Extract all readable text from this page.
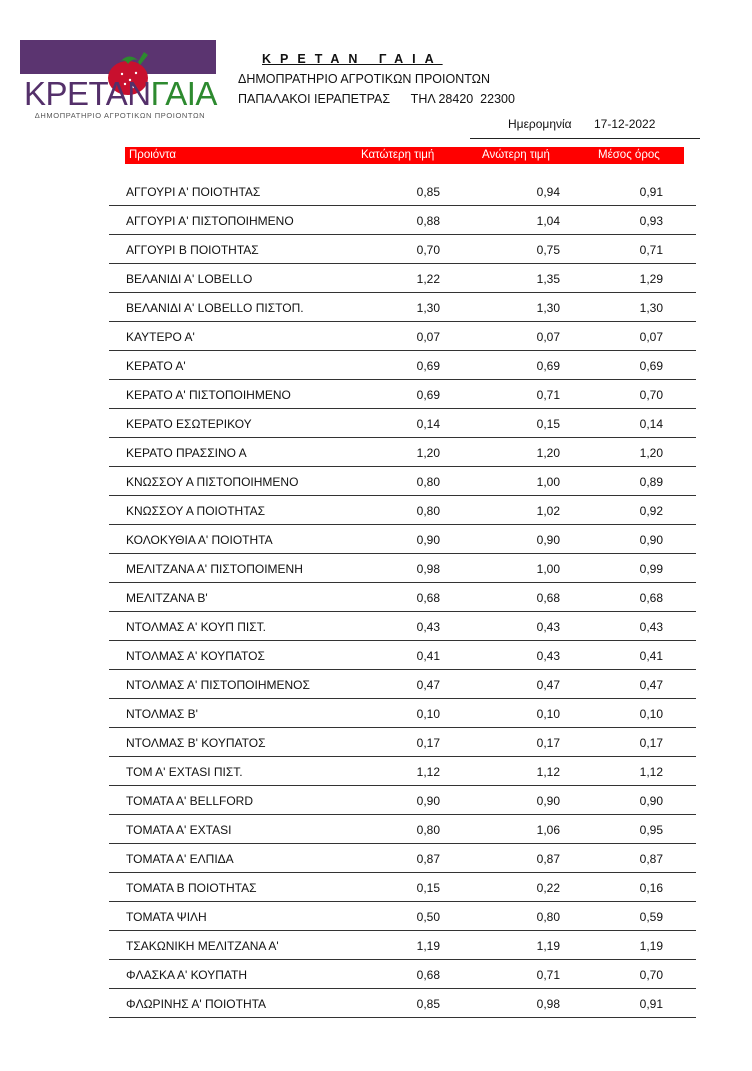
ΚΡΕΤΑΝΓΑΙΑ
ΔΗΜΟΠΡΑΤΗΡΙΟ ΑΓΡΟΤΙΚΩΝ ΠΡΟΙΟΝΤΩΝ
ΚΡΕΤΑΝ ΓΑΙΑ
ΔΗΜΟΠΡΑΤΗΡΙΟ ΑΓΡΟΤΙΚΩΝ ΠΡΟΙΟΝΤΩΝ
ΠΑΠΑΛΑΚΟΙ ΙΕΡΑΠΕΤΡΑΣ      ΤΗΛ 28420  22300
Ημερομηνία 17-12-2022
Προιόντα	Κατώτερη τιμή	Ανώτερη τιμή	Μέσος όρος
ΑΓΓΟΥΡΙ Α' ΠΟΙΟΤΗΤΑΣ	0,85	0,94	0,91
ΑΓΓΟΥΡΙ Α' ΠΙΣΤΟΠΟΙΗΜΕΝΟ	0,88	1,04	0,93
ΑΓΓΟΥΡΙ Β ΠΟΙΟΤΗΤΑΣ	0,70	0,75	0,71
ΒΕΛΑΝΙΔΙ Α' LOBELLO	1,22	1,35	1,29
ΒΕΛΑΝΙΔΙ Α' LOBELLO ΠΙΣΤΟΠ.	1,30	1,30	1,30
ΚΑΥΤΕΡΟ Α'	0,07	0,07	0,07
ΚΕΡΑΤΟ Α'	0,69	0,69	0,69
ΚΕΡΑΤΟ Α' ΠΙΣΤΟΠΟΙΗΜΕΝΟ	0,69	0,71	0,70
ΚΕΡΑΤΟ ΕΣΩΤΕΡΙΚΟΥ	0,14	0,15	0,14
ΚΕΡΑΤΟ ΠΡΑΣΣΙΝΟ Α	1,20	1,20	1,20
ΚΝΩΣΣΟΥ Α ΠΙΣΤΟΠΟΙΗΜΕΝΟ	0,80	1,00	0,89
ΚΝΩΣΣΟΥ Α ΠΟΙΟΤΗΤΑΣ	0,80	1,02	0,92
ΚΟΛΟΚΥΘΙΑ Α' ΠΟΙΟΤΗΤΑ	0,90	0,90	0,90
ΜΕΛΙΤΖΑΝΑ Α' ΠΙΣΤΟΠΟΙΜΕΝΗ	0,98	1,00	0,99
ΜΕΛΙΤΖΑΝΑ Β'	0,68	0,68	0,68
ΝΤΟΛΜΑΣ Α' ΚΟΥΠ ΠΙΣΤ.	0,43	0,43	0,43
ΝΤΟΛΜΑΣ Α' ΚΟΥΠΑΤΟΣ	0,41	0,43	0,41
ΝΤΟΛΜΑΣ Α' ΠΙΣΤΟΠΟΙΗΜΕΝΟΣ	0,47	0,47	0,47
ΝΤΟΛΜΑΣ Β'	0,10	0,10	0,10
ΝΤΟΛΜΑΣ Β' ΚΟΥΠΑΤΟΣ	0,17	0,17	0,17
ΤΟΜ Α' EXTASI ΠΙΣΤ.	1,12	1,12	1,12
ΤΟΜΑΤΑ Α' BELLFORD	0,90	0,90	0,90
ΤΟΜΑΤΑ Α' EXTASI	0,80	1,06	0,95
ΤΟΜΑΤΑ Α' ΕΛΠΙΔΑ	0,87	0,87	0,87
ΤΟΜΑΤΑ Β ΠΟΙΟΤΗΤΑΣ	0,15	0,22	0,16
ΤΟΜΑΤΑ ΨΙΛΗ	0,50	0,80	0,59
ΤΣΑΚΩΝΙΚΗ ΜΕΛΙΤΖΑΝΑ Α'	1,19	1,19	1,19
ΦΛΑΣΚΑ Α' ΚΟΥΠΑΤΗ	0,68	0,71	0,70
ΦΛΩΡΙΝΗΣ Α' ΠΟΙΟΤΗΤΑ	0,85	0,98	0,91
